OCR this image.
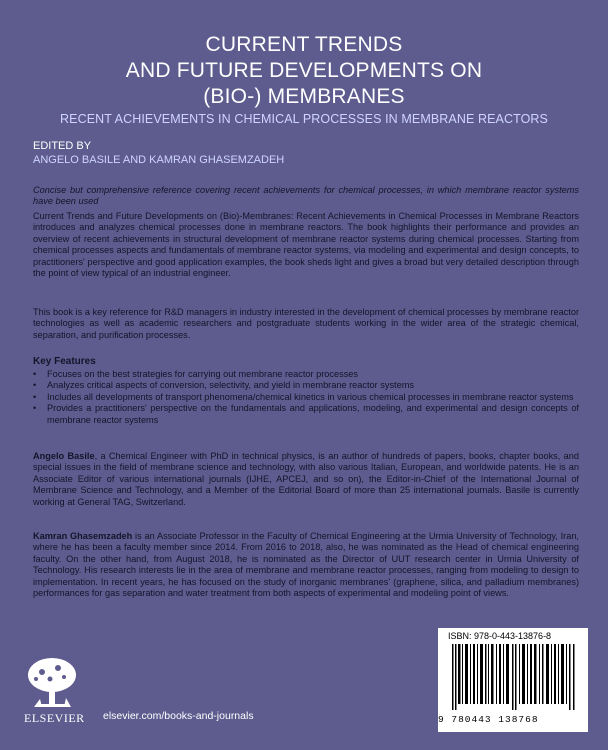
CURRENT TRENDS
AND FUTURE DEVELOPMENTS ON
(BIO-) MEMBRANES
RECENT ACHIEVEMENTS IN CHEMICAL PROCESSES IN MEMBRANE REACTORS
EDITED BY
ANGELO BASILE AND KAMRAN GHASEMZADEH
Concise but comprehensive reference covering recent achievements for chemical processes, in which membrane reactor systems have been used
Current Trends and Future Developments on (Bio)-Membranes: Recent Achievements in Chemical Processes in Membrane Reactors introduces and analyzes chemical processes done in membrane reactors. The book highlights their performance and provides an overview of recent achievements in structural development of membrane reactor systems during chemical processes. Starting from chemical processes aspects and fundamentals of membrane reactor systems, via modeling and experimental and design concepts, to practitioners' perspective and good application examples, the book sheds light and gives a broad but very detailed description through the point of view typical of an industrial engineer.
This book is a key reference for R&D managers in industry interested in the development of chemical processes by membrane reactor technologies as well as academic researchers and postgraduate students working in the wider area of the strategic chemical, separation, and purification processes.
Key Features
• Focuses on the best strategies for carrying out membrane reactor processes
• Analyzes critical aspects of conversion, selectivity, and yield in membrane reactor systems
• Includes all developments of transport phenomena/chemical kinetics in various chemical processes in membrane reactor systems
• Provides a practitioners' perspective on the fundamentals and applications, modeling, and experimental and design concepts of membrane reactor systems
Angelo Basile, a Chemical Engineer with PhD in technical physics, is an author of hundreds of papers, books, chapter books, and special issues in the field of membrane science and technology, with also various Italian, European, and worldwide patents. He is an Associate Editor of various international journals (IJHE, APCEJ, and so on), the Editor-in-Chief of the International Journal of Membrane Science and Technology, and a Member of the Editorial Board of more than 25 international journals. Basile is currently working at General TAG, Switzerland.
Kamran Ghasemzadeh is an Associate Professor in the Faculty of Chemical Engineering at the Urmia University of Technology, Iran, where he has been a faculty member since 2014. From 2016 to 2018, also, he was nominated as the Head of chemical engineering faculty. On the other hand, from August 2018, he is nominated as the Director of UUT research center in Urmia University of Technology. His research interests lie in the area of membrane and membrane reactor processes, ranging from modeling to design to implementation. In recent years, he has focused on the study of inorganic membranes' (graphene, silica, and palladium membranes) performances for gas separation and water treatment from both aspects of experimental and modeling point of views.
ELSEVIER elsevier.com/books-and-journals
ISBN: 978-0-443-13876-8
9 780443 138768
